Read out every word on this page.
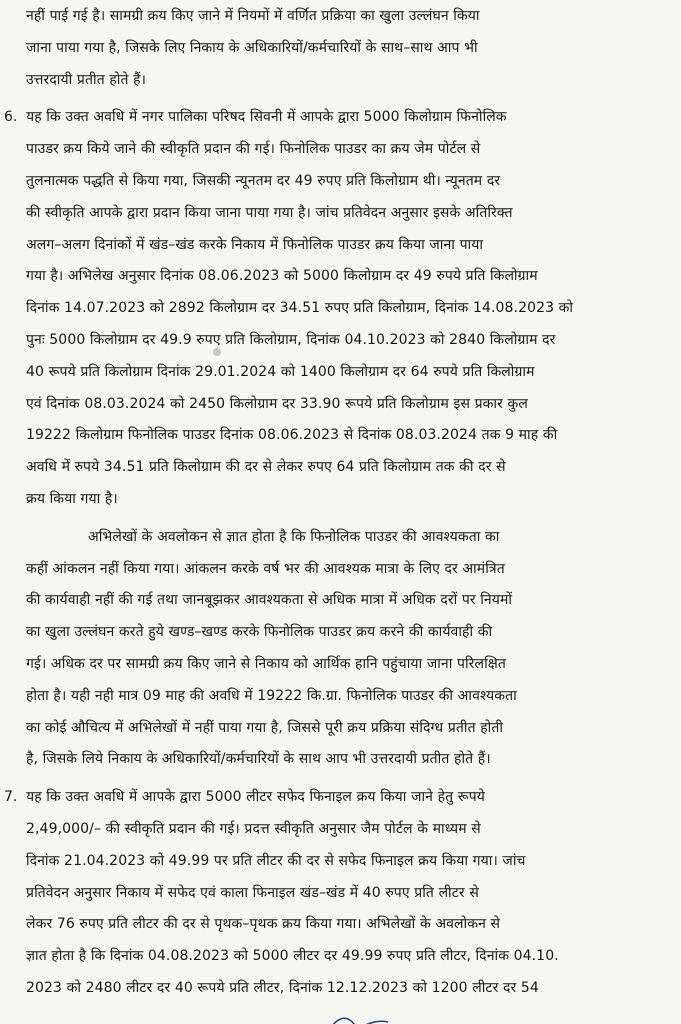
नहीं पाई गई है। सामग्री क्रय किए जाने में नियमों में वर्णित प्रक्रिया का खुला उल्लंघन किया
जाना पाया गया है, जिसके लिए निकाय के अधिकारियों/कर्मचारियों के साथ–साथ आप भी
उत्तरदायी प्रतीत होते हैं।
6. यह कि उक्त अवधि में नगर पालिका परिषद सिवनी में आपके द्वारा 5000 किलोग्राम फिनोलिक
पाउडर क्रय किये जाने की स्वीकृति प्रदान की गई। फिनोलिक पाउडर का क्रय जेम पोर्टल से
तुलनात्मक पद्धति से किया गया, जिसकी न्यूनतम दर 49 रुपए प्रति किलोग्राम थी। न्यूनतम दर
की स्वीकृति आपके द्वारा प्रदान किया जाना पाया गया है। जांच प्रतिवेदन अनुसार इसके अतिरिक्त
अलग–अलग दिनांकों में खंड–खंड करके निकाय में फिनोलिक पाउडर क्रय किया जाना पाया
गया है। अभिलेख अनुसार दिनांक 08.06.2023 को 5000 किलोग्राम दर 49 रुपये प्रति किलोग्राम
दिनांक 14.07.2023 को 2892 किलोग्राम दर 34.51 रुपए प्रति किलोग्राम, दिनांक 14.08.2023 को
पुनः 5000 किलोग्राम दर 49.9 रुपए प्रति किलोग्राम, दिनांक 04.10.2023 को 2840 किलोग्राम दर
40 रूपये प्रति किलोग्राम दिनांक 29.01.2024 को 1400 किलोग्राम दर 64 रुपये प्रति किलोग्राम
एवं दिनांक 08.03.2024 को 2450 किलोग्राम दर 33.90 रूपये प्रति किलोग्राम इस प्रकार कुल
19222 किलोग्राम फिनोलिक पाउडर दिनांक 08.06.2023 से दिनांक 08.03.2024 तक 9 माह की
अवधि में रुपये 34.51 प्रति किलोग्राम की दर से लेकर रुपए 64 प्रति किलोग्राम तक की दर से
क्रय किया गया है।
अभिलेखों के अवलोकन से ज्ञात होता है कि फिनोलिक पाउडर की आवश्यकता का
कहीं आंकलन नहीं किया गया। आंकलन करके वर्ष भर की आवश्यक मात्रा के लिए दर आमंत्रित
की कार्यवाही नहीं की गई तथा जानबूझकर आवश्यकता से अधिक मात्रा में अधिक दरों पर नियमों
का खुला उल्लंघन करते हुये खण्ड–खण्ड करके फिनोलिक पाउडर क्रय करने की कार्यवाही की
गई। अधिक दर पर सामग्री क्रय किए जाने से निकाय को आर्थिक हानि पहुंचाया जाना परिलक्षित
होता है। यही नही मात्र 09 माह की अवधि में 19222 कि.ग्रा. फिनोलिक पाउडर की आवश्यकता
का कोई औचित्य में अभिलेखों में नहीं पाया गया है, जिससे पूरी क्रय प्रक्रिया संदिग्ध प्रतीत होती
है, जिसके लिये निकाय के अधिकारियों/कर्मचारियों के साथ आप भी उत्तरदायी प्रतीत होते हैं।
7. यह कि उक्त अवधि में आपके द्वारा 5000 लीटर सफेद फिनाइल क्रय किया जाने हेतु रूपये
2,49,000/– की स्वीकृति प्रदान की गई। प्रदत्त स्वीकृति अनुसार जैम पोर्टल के माध्यम से
दिनांक 21.04.2023 को 49.99 पर प्रति लीटर की दर से सफेद फिनाइल क्रय किया गया। जांच
प्रतिवेदन अनुसार निकाय में सफेद एवं काला फिनाइल खंड–खंड में 40 रुपए प्रति लीटर से
लेकर 76 रुपए प्रति लीटर की दर से पृथक–पृथक क्रय किया गया। अभिलेखों के अवलोकन से
ज्ञात होता है कि दिनांक 04.08.2023 को 5000 लीटर दर 49.99 रुपए प्रति लीटर, दिनांक 04.10.
2023 को 2480 लीटर दर 40 रूपये प्रति लीटर, दिनांक 12.12.2023 को 1200 लीटर दर 54
